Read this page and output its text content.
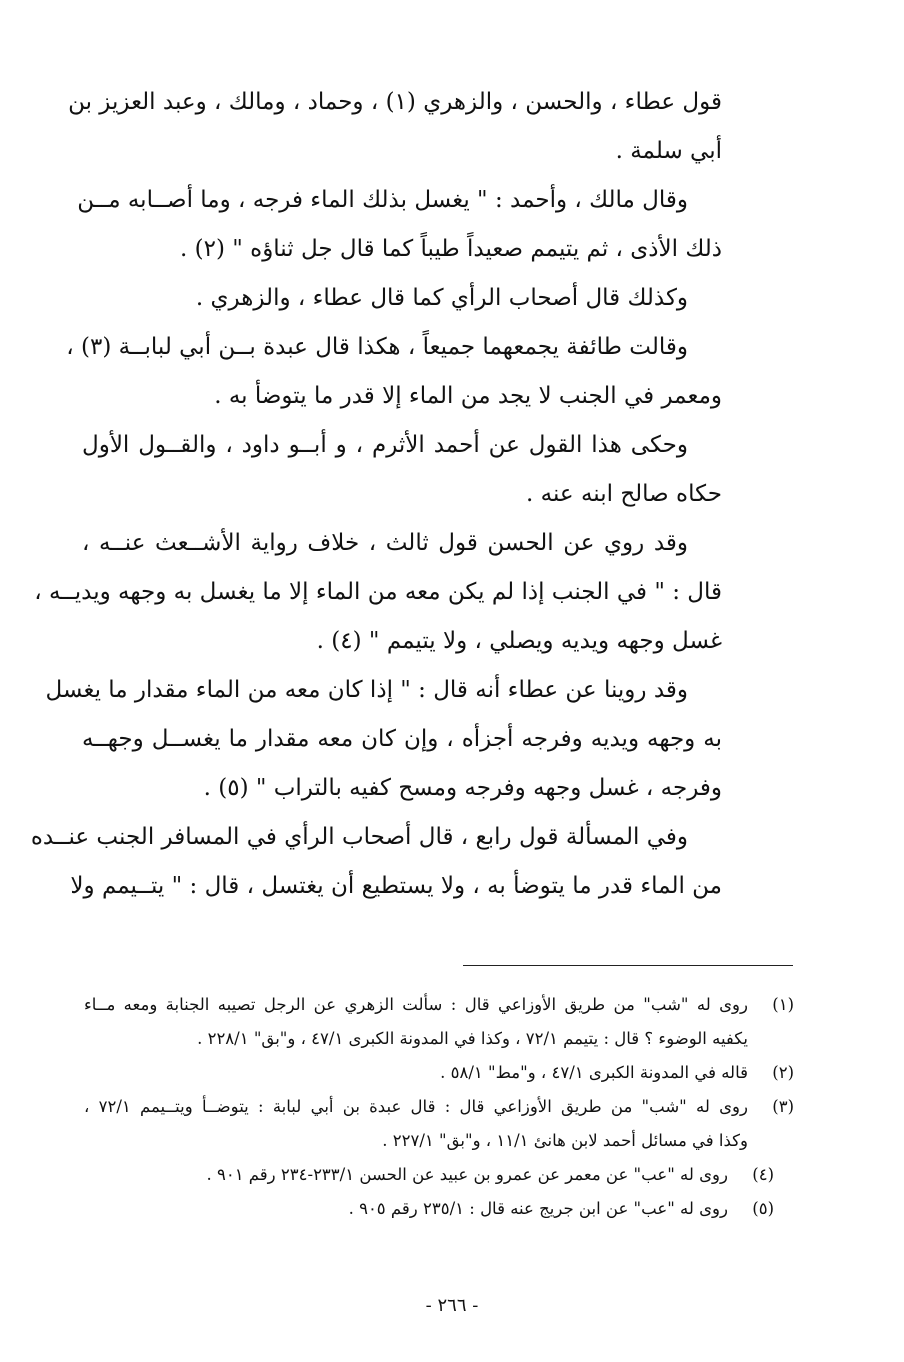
قول عطاء ، والحسن ، والزهري (١) ، وحماد ، ومالك ، وعبد العزيز بن
أبي سلمة .
وقال مالك ، وأحمد : " يغسل بذلك الماء فرجه ، وما أصــابه مــن
ذلك الأذى ، ثم يتيمم صعيداً طيباً كما قال جل ثناؤه " (٢) .
وكذلك قال أصحاب الرأي كما قال عطاء ، والزهري .
وقالت طائفة يجمعهما جميعاً ، هكذا قال عبدة بــن أبي لبابــة (٣) ،
ومعمر في الجنب لا يجد من الماء إلا قدر ما يتوضأ به .
وحكى هذا القول عن أحمد الأثرم ، و أبــو داود ، والقــول الأول
حكاه صالح ابنه عنه .
وقد روي عن الحسن قول ثالث ، خلاف رواية الأشــعث عنــه ،
قال : " في الجنب إذا لم يكن معه من الماء إلا ما يغسل به وجهه ويديــه ،
غسل وجهه ويديه ويصلي ، ولا يتيمم " (٤) .
وقد روينا عن عطاء أنه قال : " إذا كان معه من الماء مقدار ما يغسل
به وجهه ويديه وفرجه أجزأه ، وإن كان معه مقدار ما يغســل وجهــه
وفرجه ، غسل وجهه وفرجه ومسح كفيه بالتراب " (٥) .
وفي المسألة قول رابع ، قال أصحاب الرأي في المسافر الجنب عنــده
من الماء قدر ما يتوضأ به ، ولا يستطيع أن يغتسل ، قال : " يتــيمم ولا
(١)
روى له "شب" من طريق الأوزاعي قال : سألت الزهري عن الرجل تصيبه الجنابة ومعه مــاء
يكفيه الوضوء ؟ قال : يتيمم ٧٢/١ ، وكذا في المدونة الكبرى ٤٧/١ ، و"بق" ٢٢٨/١ .
(٢)
قاله في المدونة الكبرى ٤٧/١ ، و"مط" ٥٨/١ .
(٣)
روى له "شب" من طريق الأوزاعي قال : قال عبدة بن أبي لبابة : يتوضــأ ويتــيمم ٧٢/١ ،
وكذا في مسائل أحمد لابن هانئ ١١/١ ، و"بق" ٢٢٧/١ .
(٤)
روى له "عب" عن معمر عن عمرو بن عبيد عن الحسن ٢٣٣/١-٢٣٤ رقم ٩٠١ .
(٥)
روى له "عب" عن ابن جريج عنه قال : ٢٣٥/١ رقم ٩٠٥ .
- ٢٦٦ -
